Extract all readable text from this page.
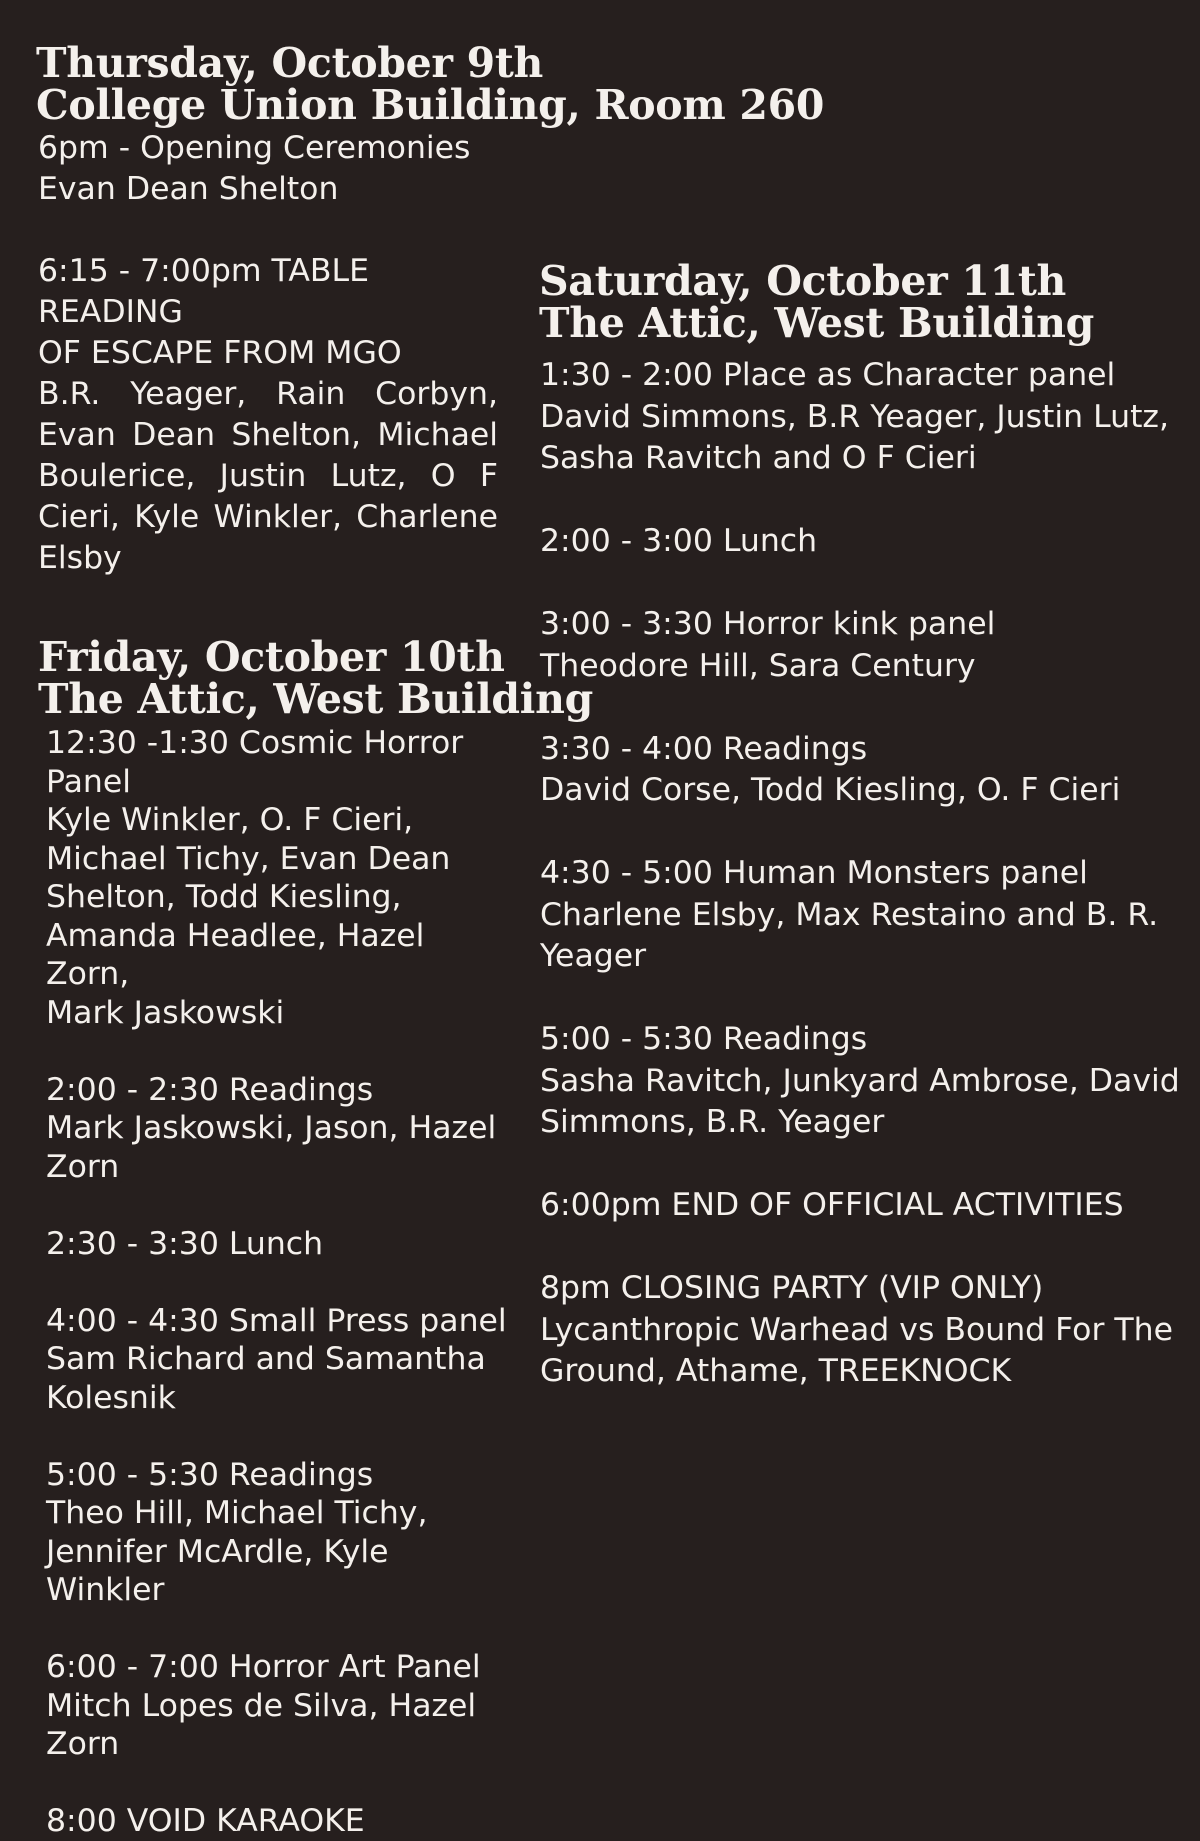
Thursday, October 9th
College Union Building, Room 260
6pm - Opening Ceremonies
Evan Dean Shelton
6:15 - 7:00pm TABLE READING
OF ESCAPE FROM MGO
B.R. Yeager, Rain Corbyn, Evan Dean Shelton, Michael Boulerice, Justin Lutz, O F Cieri, Kyle Winkler, Charlene Elsby
Friday, October 10th
The Attic, West Building
12:30 -1:30 Cosmic Horror
Panel
Kyle Winkler, O. F Cieri,
Michael Tichy, Evan Dean
Shelton, Todd Kiesling,
Amanda Headlee, Hazel Zorn,
Mark Jaskowski
2:00 - 2:30 Readings
Mark Jaskowski, Jason, Hazel
Zorn
2:30 - 3:30 Lunch
4:00 - 4:30 Small Press panel
Sam Richard and Samantha
Kolesnik
5:00 - 5:30 Readings
Theo Hill, Michael Tichy,
Jennifer McArdle, Kyle Winkler
6:00 - 7:00 Horror Art Panel
Mitch Lopes de Silva, Hazel
Zorn
8:00 VOID KARAOKE
Saturday, October 11th
The Attic, West Building
1:30 - 2:00 Place as Character panel
David Simmons, B.R Yeager, Justin Lutz,
Sasha Ravitch and O F Cieri
2:00 - 3:00 Lunch
3:00 - 3:30 Horror kink panel
Theodore Hill, Sara Century
3:30 - 4:00 Readings
David Corse, Todd Kiesling, O. F Cieri
4:30 - 5:00 Human Monsters panel
Charlene Elsby, Max Restaino and B. R.
Yeager
5:00 - 5:30 Readings
Sasha Ravitch, Junkyard Ambrose, David
Simmons, B.R. Yeager
6:00pm END OF OFFICIAL ACTIVITIES
8pm CLOSING PARTY (VIP ONLY)
Lycanthropic Warhead vs Bound For The
Ground, Athame, TREEKNOCK
